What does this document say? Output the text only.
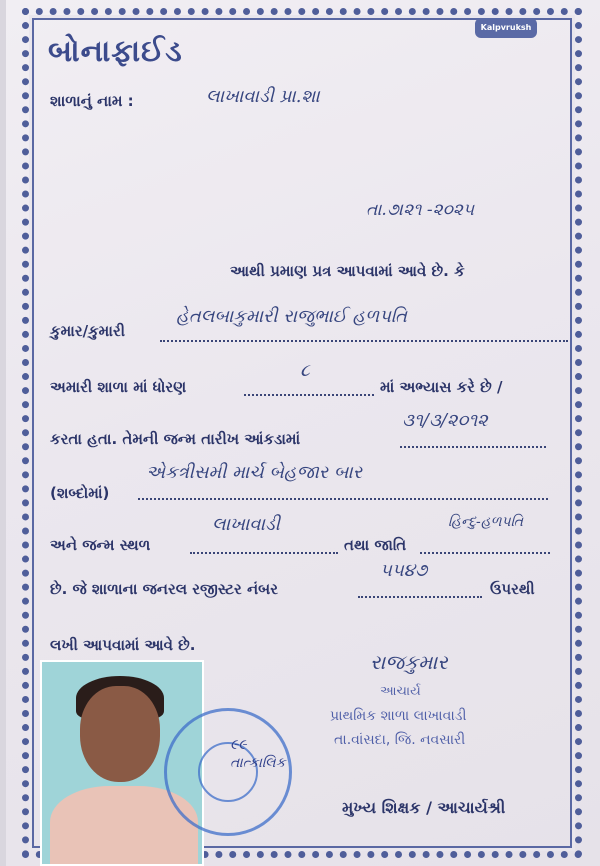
બોનાફાઈડ
Kalpvruksh
શાળાનું નામ :	લાખાવાડી પ્રા.શા
તા.૭।૨૧ -૨૦૨૫
આથી પ્રમાણ પ્રત્ર આપવામાં આવે છે. કે
કુમાર/કુમારી
હેતલબાકુમારી રાજુભાઈ હળપતિ
અમારી શાળા માં ધોરણ
૮
માં અભ્યાસ કરે છે /
કરતા હતા. તેમની જન્મ તારીખ આંકડામાં
૩૧/૩/૨૦૧૨
(શબ્દોમાં)
એકત્રીસમી માર્ચ બેહજાર બાર
અને જન્મ સ્થળ
લાખાવાડી
તથા જાતિ
હિન્દુ-હળપતિ
છે. જે શાળાના જનરલ રજીસ્ટર નંબર
૫૫૪૭
ઉપરથી
લખી આપવામાં આવે છે.
૯૯ તાત્કાલિક
રાજકુમાર
આચાર્ય
પ્રાથમિક શાળા લાખાવાડી
તા.વાંસદા, જિ. નવસારી
મુખ્ય શિક્ષક / આચાર્યશ્રી
